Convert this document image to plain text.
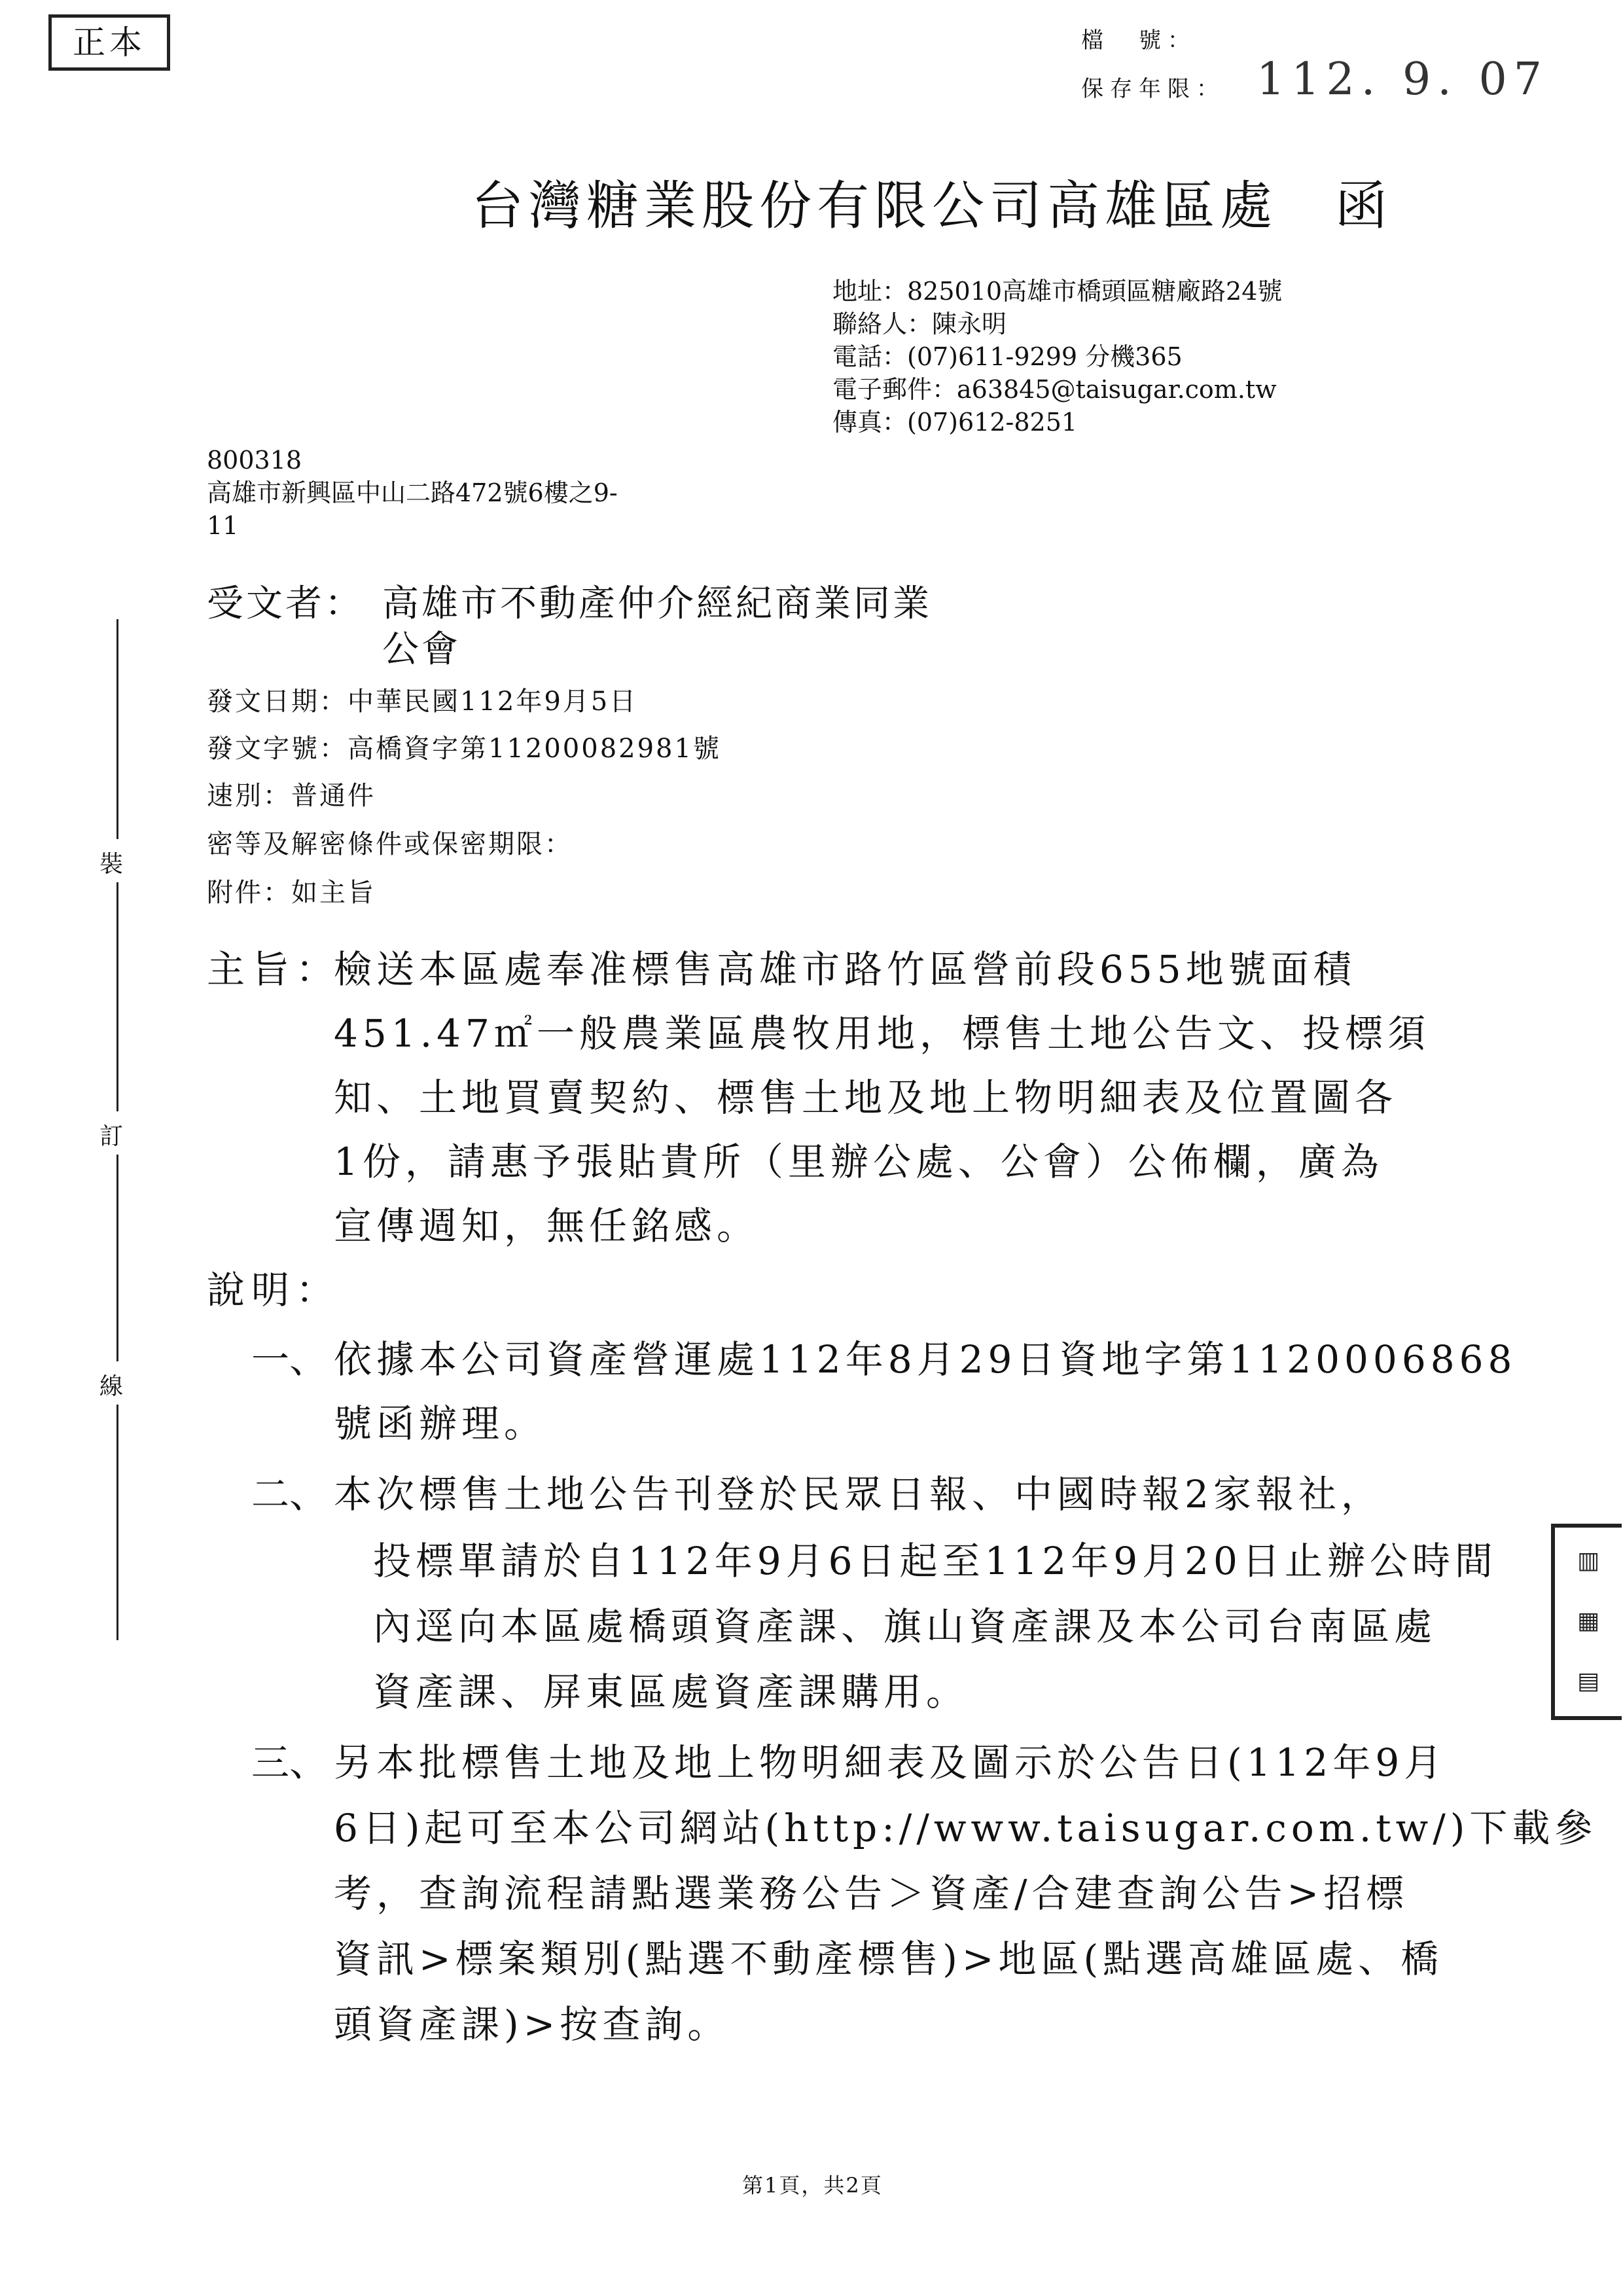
正本	檔　號：
保存年限： 112. 9. 07
台灣糖業股份有限公司高雄區處　函
地址：825010高雄市橋頭區糖廠路24號
聯絡人：陳永明
電話：(07)611-9299 分機365
電子郵件：a63845@taisugar.com.tw
傳真：(07)612-8251
800318
高雄市新興區中山二路472號6樓之9-
11
受文者： 高雄市不動產仲介經紀商業同業
公會
發文日期：中華民國112年9月5日
發文字號：高橋資字第11200082981號
速別：普通件
密等及解密條件或保密期限：
附件：如主旨
主旨：
檢送本區處奉准標售高雄市路竹區營前段655地號面積
451.47㎡一般農業區農牧用地，標售土地公告文、投標須
知、土地買賣契約、標售土地及地上物明細表及位置圖各
1份，請惠予張貼貴所（里辦公處、公會）公佈欄，廣為
宣傳週知，無任銘感。
說明：
一、 依據本公司資產營運處112年8月29日資地字第1120006868
號函辦理。
二、 本次標售土地公告刊登於民眾日報、中國時報2家報社，
投標單請於自112年9月6日起至112年9月20日止辦公時間
內逕向本區處橋頭資產課、旗山資產課及本公司台南區處
資產課、屏東區處資產課購用。
三、 另本批標售土地及地上物明細表及圖示於公告日(112年9月
6日)起可至本公司網站(http://www.taisugar.com.tw/)下載參
考，查詢流程請點選業務公告＞資產/合建查詢公告>招標
資訊>標案類別(點選不動產標售)>地區(點選高雄區處、橋
頭資產課)>按查詢。
裝
訂
線
▥
▦
▤
第1頁，共2頁
